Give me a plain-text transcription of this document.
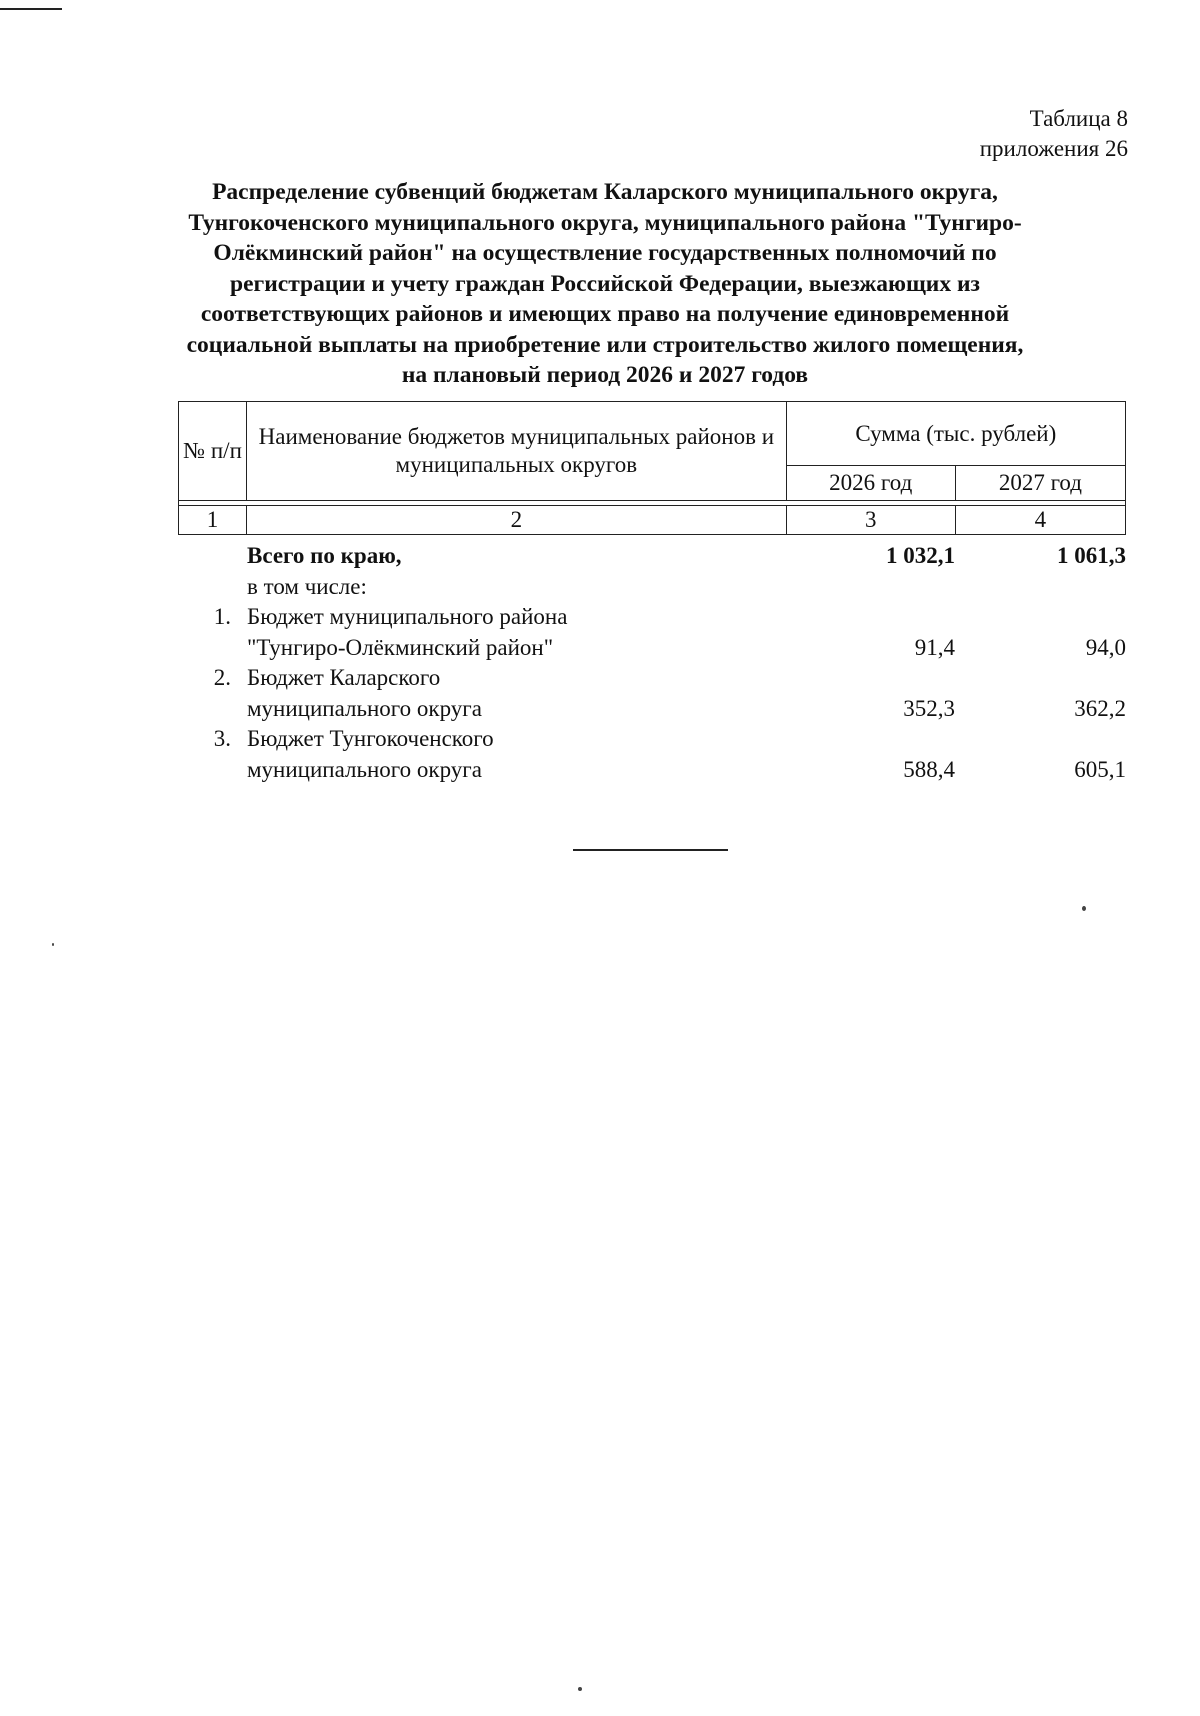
Таблица 8
приложения 26
Распределение субвенций бюджетам Каларского муниципального округа, Тунгокоченского муниципального округа, муниципального района "Тунгиро-Олёкминский район" на осуществление государственных полномочий по регистрации и учету граждан Российской Федерации, выезжающих из соответствующих районов и имеющих право на получение единовременной социальной выплаты на приобретение или строительство жилого помещения, на плановый период 2026 и 2027 годов
№ п/п	Наименование бюджетов муниципальных районов и муниципальных округов	Сумма (тыс. рублей)	
		2026 год	2027 год

1	2	3	4
Всего по краю,	1 032,1	1 061,3
в том числе:
1. Бюджет муниципального района
"Тунгиро-Олёкминский район"	91,4	94,0
2. Бюджет Каларского
муниципального округа	352,3	362,2
3. Бюджет Тунгокоченского
муниципального округа	588,4	605,1
